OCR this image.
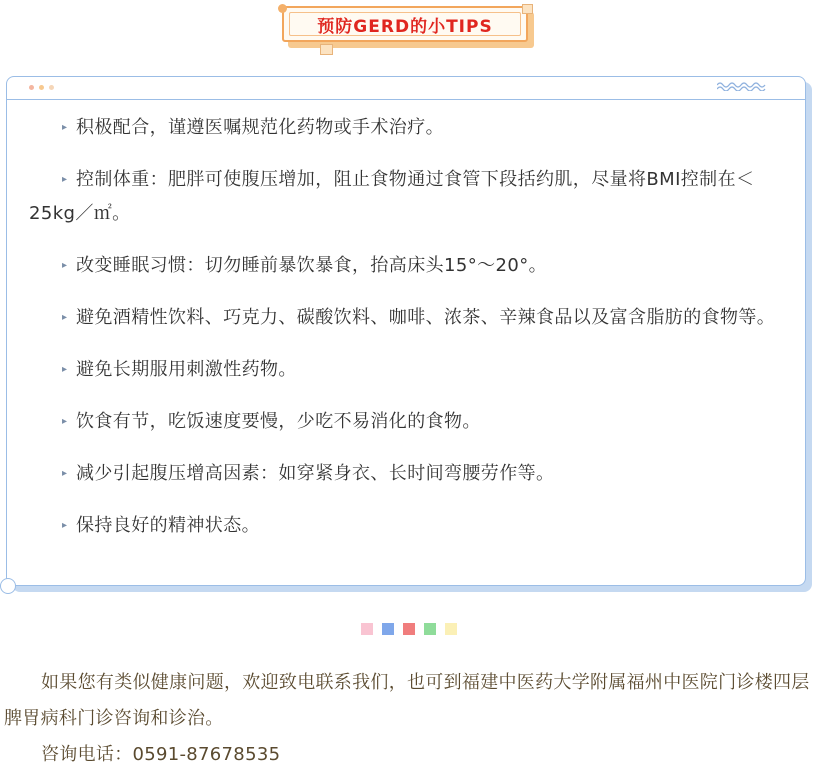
预防GERD的小TIPS
▸ 积极配合，谨遵医嘱规范化药物或手术治疗。
▸ 控制体重：肥胖可使腹压增加，阻止食物通过食管下段括约肌，尽量将BMI控制在＜25kg／㎡。
▸ 改变睡眠习惯：切勿睡前暴饮暴食，抬高床头15°～20°。
▸ 避免酒精性饮料、巧克力、碳酸饮料、咖啡、浓茶、辛辣食品以及富含脂肪的食物等。
▸ 避免长期服用刺激性药物。
▸ 饮食有节，吃饭速度要慢，少吃不易消化的食物。
▸ 减少引起腹压增高因素：如穿紧身衣、长时间弯腰劳作等。
▸ 保持良好的精神状态。

如果您有类似健康问题，欢迎致电联系我们，也可到福建中医药大学附属福州中医院门诊楼四层脾胃病科门诊咨询和诊治。

咨询电话：0591-87678535
